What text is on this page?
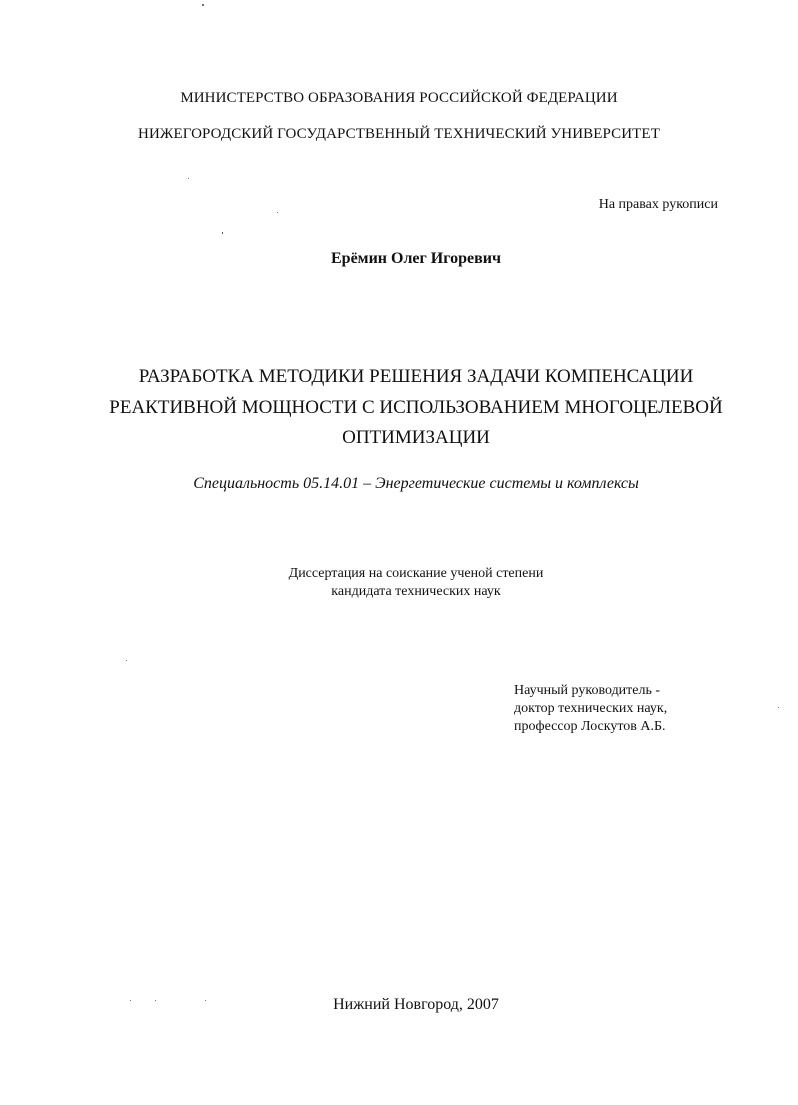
МИНИСТЕРСТВО ОБРАЗОВАНИЯ РОССИЙСКОЙ ФЕДЕРАЦИИ
НИЖЕГОРОДСКИЙ ГОСУДАРСТВЕННЫЙ ТЕХНИЧЕСКИЙ УНИВЕРСИТЕТ
На правах рукописи
Ерёмин Олег Игоревич
РАЗРАБОТКА МЕТОДИКИ РЕШЕНИЯ ЗАДАЧИ КОМПЕНСАЦИИ
РЕАКТИВНОЙ МОЩНОСТИ С ИСПОЛЬЗОВАНИЕМ МНОГОЦЕЛЕВОЙ
ОПТИМИЗАЦИИ
Специальность 05.14.01 – Энергетические системы и комплексы
Диссертация на соискание ученой степени
кандидата технических наук
Научный руководитель -
доктор технических наук,
профессор Лоскутов А.Б.
Нижний Новгород, 2007
